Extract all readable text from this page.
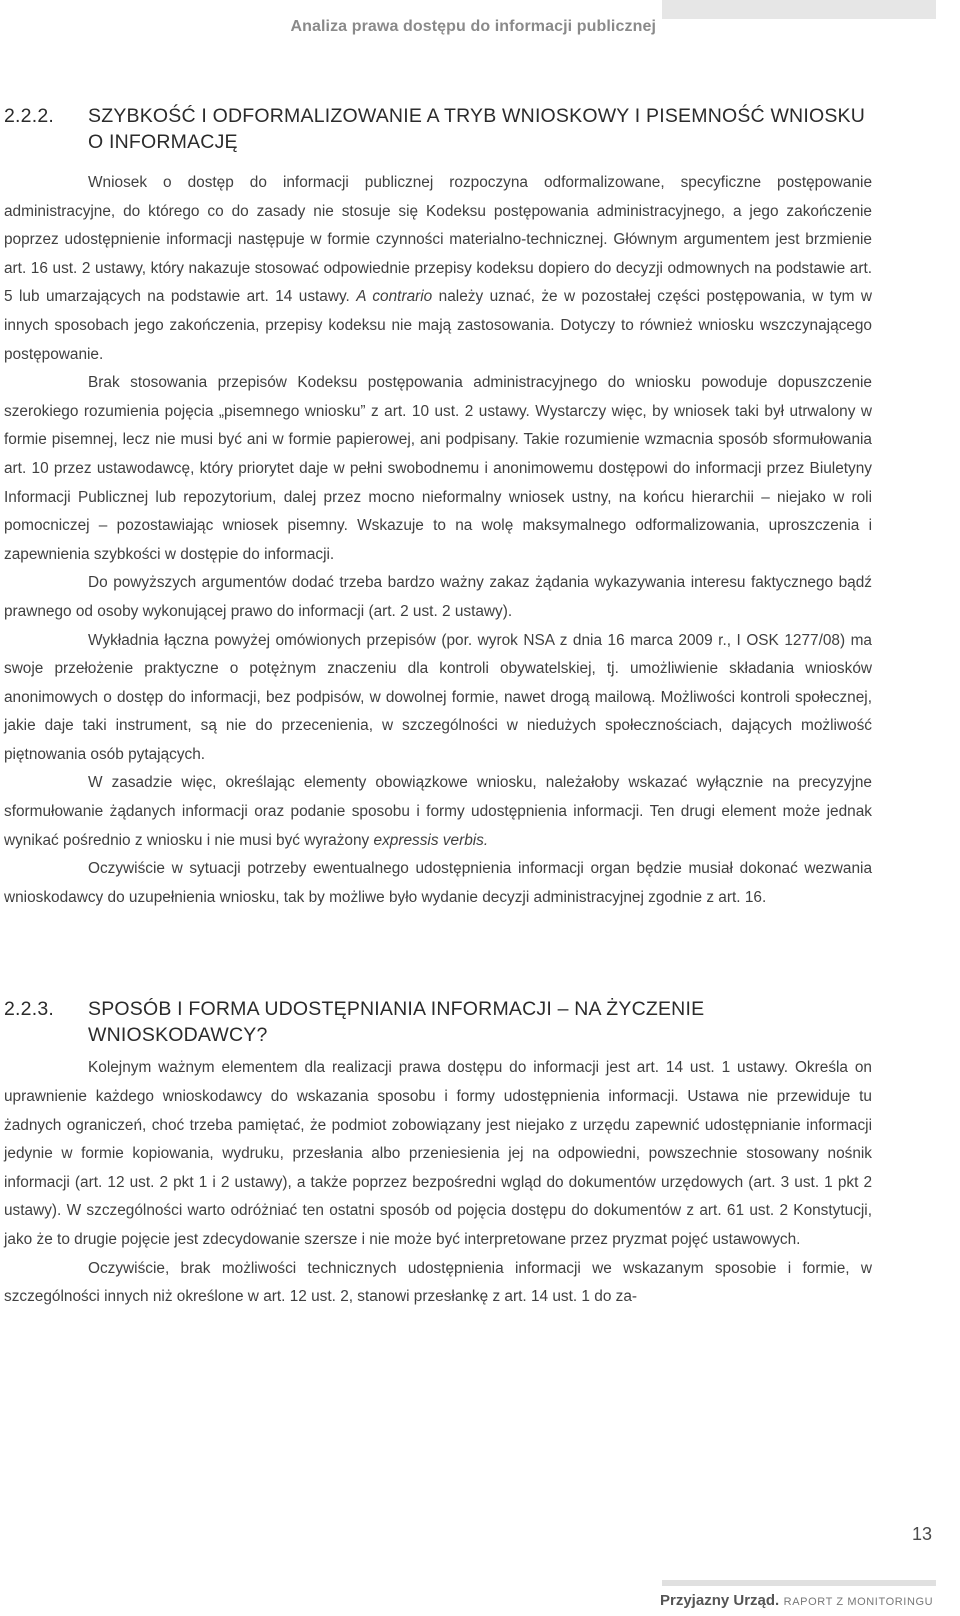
Analiza prawa dostępu do informacji publicznej
2.2.2.	SZYBKOŚĆ I ODFORMALIZOWANIE A TRYB WNIOSKOWY I PISEMNOŚĆ WNIOSKU O INFORMACJĘ

Wniosek o dostęp do informacji publicznej rozpoczyna odformalizowane, specyficzne postępowanie administracyjne, do którego co do zasady nie stosuje się Kodeksu postępowania administracyjnego, a jego zakończenie poprzez udostępnienie informacji następuje w formie czynności materialno-technicznej. Głównym argumentem jest brzmienie art. 16 ust. 2 ustawy, który nakazuje stosować odpowiednie przepisy kodeksu dopiero do decyzji odmownych na podstawie art. 5 lub umarzających na podstawie art. 14 ustawy. A contrario należy uznać, że w pozostałej części postępowania, w tym w innych sposobach jego zakończenia, przepisy kodeksu nie mają zastosowania. Dotyczy to również wniosku wszczynającego postępowanie.

Brak stosowania przepisów Kodeksu postępowania administracyjnego do wniosku powoduje dopuszczenie szerokiego rozumienia pojęcia „pisemnego wniosku” z art. 10 ust. 2 ustawy. Wystarczy więc, by wniosek taki był utrwalony w formie pisemnej, lecz nie musi być ani w formie papierowej, ani podpisany. Takie rozumienie wzmacnia sposób sformułowania art. 10 przez ustawodawcę, który priorytet daje w pełni swobodnemu i anonimowemu dostępowi do informacji przez Biuletyny Informacji Publicznej lub repozytorium, dalej przez mocno nieformalny wniosek ustny, na końcu hierarchii – niejako w roli pomocniczej – pozostawiając wniosek pisemny. Wskazuje to na wolę maksymalnego odformalizowania, uproszczenia i zapewnienia szybkości w dostępie do informacji.

Do powyższych argumentów dodać trzeba bardzo ważny zakaz żądania wykazywania interesu faktycznego bądź prawnego od osoby wykonującej prawo do informacji (art. 2 ust. 2 ustawy).

Wykładnia łączna powyżej omówionych przepisów (por. wyrok NSA z dnia 16 marca 2009 r., I OSK 1277/08) ma swoje przełożenie praktyczne o potężnym znaczeniu dla kontroli obywatelskiej, tj. umożliwienie składania wniosków anonimowych o dostęp do informacji, bez podpisów, w dowolnej formie, nawet drogą mailową. Możliwości kontroli społecznej, jakie daje taki instrument, są nie do przecenienia, w szczególności w niedużych społecznościach, dających możliwość piętnowania osób pytających.

W zasadzie więc, określając elementy obowiązkowe wniosku, należałoby wskazać wyłącznie na precyzyjne sformułowanie żądanych informacji oraz podanie sposobu i formy udostępnienia informacji. Ten drugi element może jednak wynikać pośrednio z wniosku i nie musi być wyrażony expressis verbis.

Oczywiście w sytuacji potrzeby ewentualnego udostępnienia informacji organ będzie musiał dokonać wezwania wnioskodawcy do uzupełnienia wniosku, tak by możliwe było wydanie decyzji administracyjnej zgodnie z art. 16.

2.2.3.	SPOSÓB I FORMA UDOSTĘPNIANIA INFORMACJI – NA ŻYCZENIE WNIOSKODAWCY?

Kolejnym ważnym elementem dla realizacji prawa dostępu do informacji jest art. 14 ust. 1 ustawy. Określa on uprawnienie każdego wnioskodawcy do wskazania sposobu i formy udostępnienia informacji. Ustawa nie przewiduje tu żadnych ograniczeń, choć trzeba pamiętać, że podmiot zobowiązany jest niejako z urzędu zapewnić udostępnianie informacji jedynie w formie kopiowania, wydruku, przesłania albo przeniesienia jej na odpowiedni, powszechnie stosowany nośnik informacji (art. 12 ust. 2 pkt 1 i 2 ustawy), a także poprzez bezpośredni wgląd do dokumentów urzędowych (art. 3 ust. 1 pkt 2 ustawy). W szczególności warto odróżniać ten ostatni sposób od pojęcia dostępu do dokumentów z art. 61 ust. 2 Konstytucji, jako że to drugie pojęcie jest zdecydowanie szersze i nie może być interpretowane przez pryzmat pojęć ustawowych.

Oczywiście, brak możliwości technicznych udostępnienia informacji we wskazanym sposobie i formie, w szczególności innych niż określone w art. 12 ust. 2, stanowi przesłankę z art. 14 ust. 1 do za-

13
Przyjazny Urząd. RAPORT Z MONITORINGU
